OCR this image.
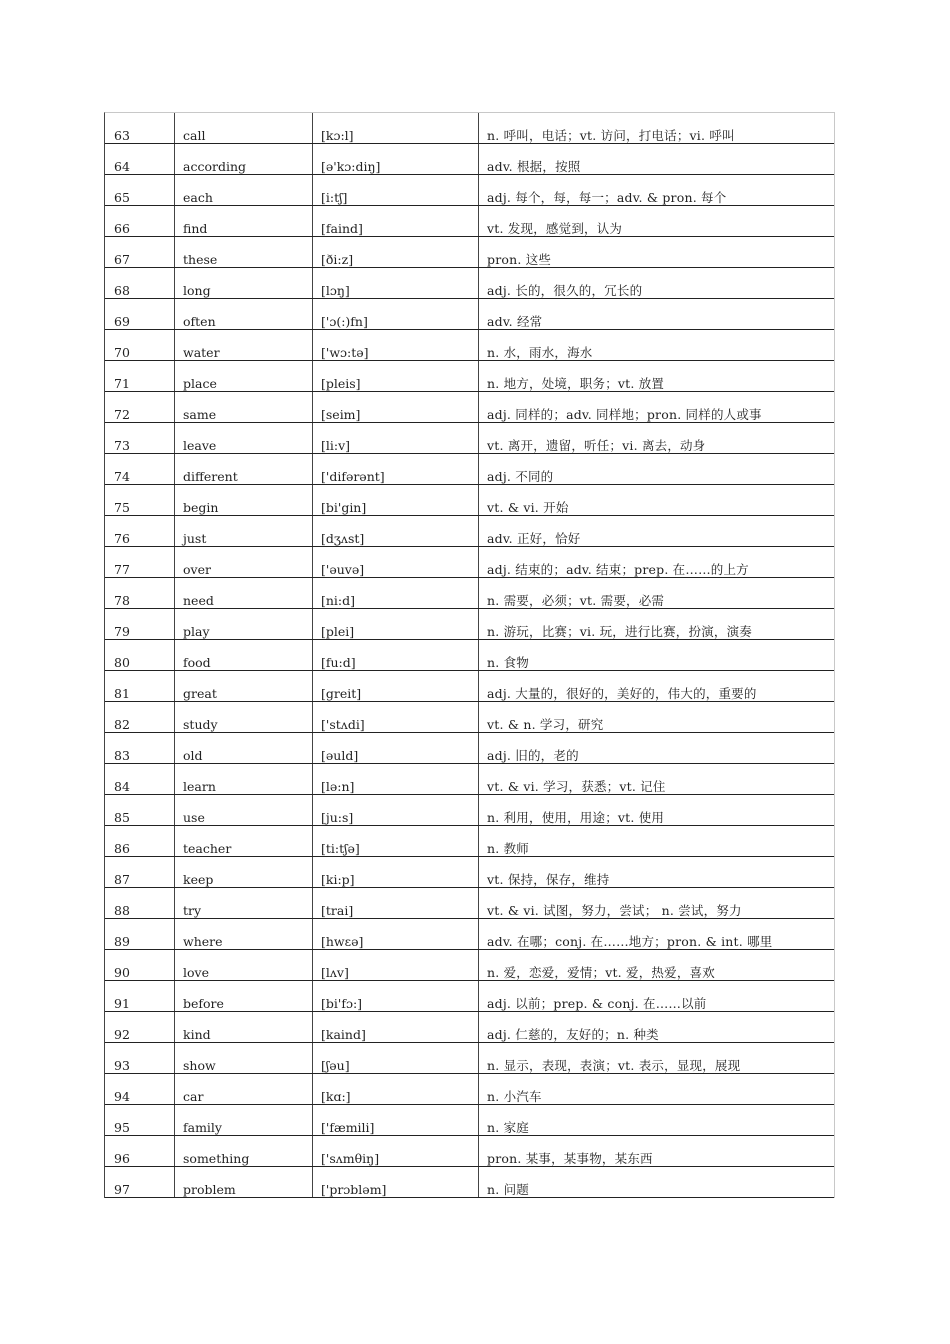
63	call	[kɔ:l]	n. 呼叫，电话；vt. 访问，打电话；vi. 呼叫
64	according	[ə'kɔ:diŋ]	adv. 根据，按照
65	each	[i:tʃ]	adj. 每个，每，每一；adv. & pron. 每个
66	find	[faind]	vt. 发现，感觉到，认为
67	these	[ði:z]	pron. 这些
68	long	[lɔŋ]	adj. 长的，很久的，冗长的
69	often	['ɔ(:)fn]	adv. 经常
70	water	['wɔ:tə]	n. 水，雨水，海水
71	place	[pleis]	n. 地方，处境，职务；vt. 放置
72	same	[seim]	adj. 同样的；adv. 同样地；pron. 同样的人或事
73	leave	[li:v]	vt. 离开，遗留，听任；vi. 离去，动身
74	different	['difərənt]	adj. 不同的
75	begin	[bi'gin]	vt. & vi. 开始
76	just	[dʒʌst]	adv. 正好，恰好
77	over	['əuvə]	adj. 结束的；adv. 结束；prep. 在……的上方
78	need	[ni:d]	n. 需要，必须；vt. 需要，必需
79	play	[plei]	n. 游玩，比赛；vi. 玩，进行比赛，扮演，演奏
80	food	[fu:d]	n. 食物
81	great	[greit]	adj. 大量的，很好的，美好的，伟大的，重要的
82	study	['stʌdi]	vt. & n. 学习，研究
83	old	[əuld]	adj. 旧的，老的
84	learn	[lə:n]	vt. & vi. 学习，获悉；vt. 记住
85	use	[ju:s]	n. 利用，使用，用途；vt. 使用
86	teacher	[ti:tʃə]	n. 教师
87	keep	[ki:p]	vt. 保持，保存，维持
88	try	[trai]	vt. & vi. 试图，努力，尝试； n. 尝试，努力
89	where	[hwɛə]	adv. 在哪；conj. 在……地方；pron. & int. 哪里
90	love	[lʌv]	n. 爱，恋爱，爱情；vt. 爱，热爱，喜欢
91	before	[bi'fɔ:]	adj. 以前；prep. & conj. 在……以前
92	kind	[kaind]	adj. 仁慈的，友好的；n. 种类
93	show	[ʃəu]	n. 显示，表现，表演；vt. 表示，显现，展现
94	car	[kɑ:]	n. 小汽车
95	family	['fæmili]	n. 家庭
96	something	['sʌmθiŋ]	pron. 某事，某事物，某东西
97	problem	['prɔbləm]	n. 问题
